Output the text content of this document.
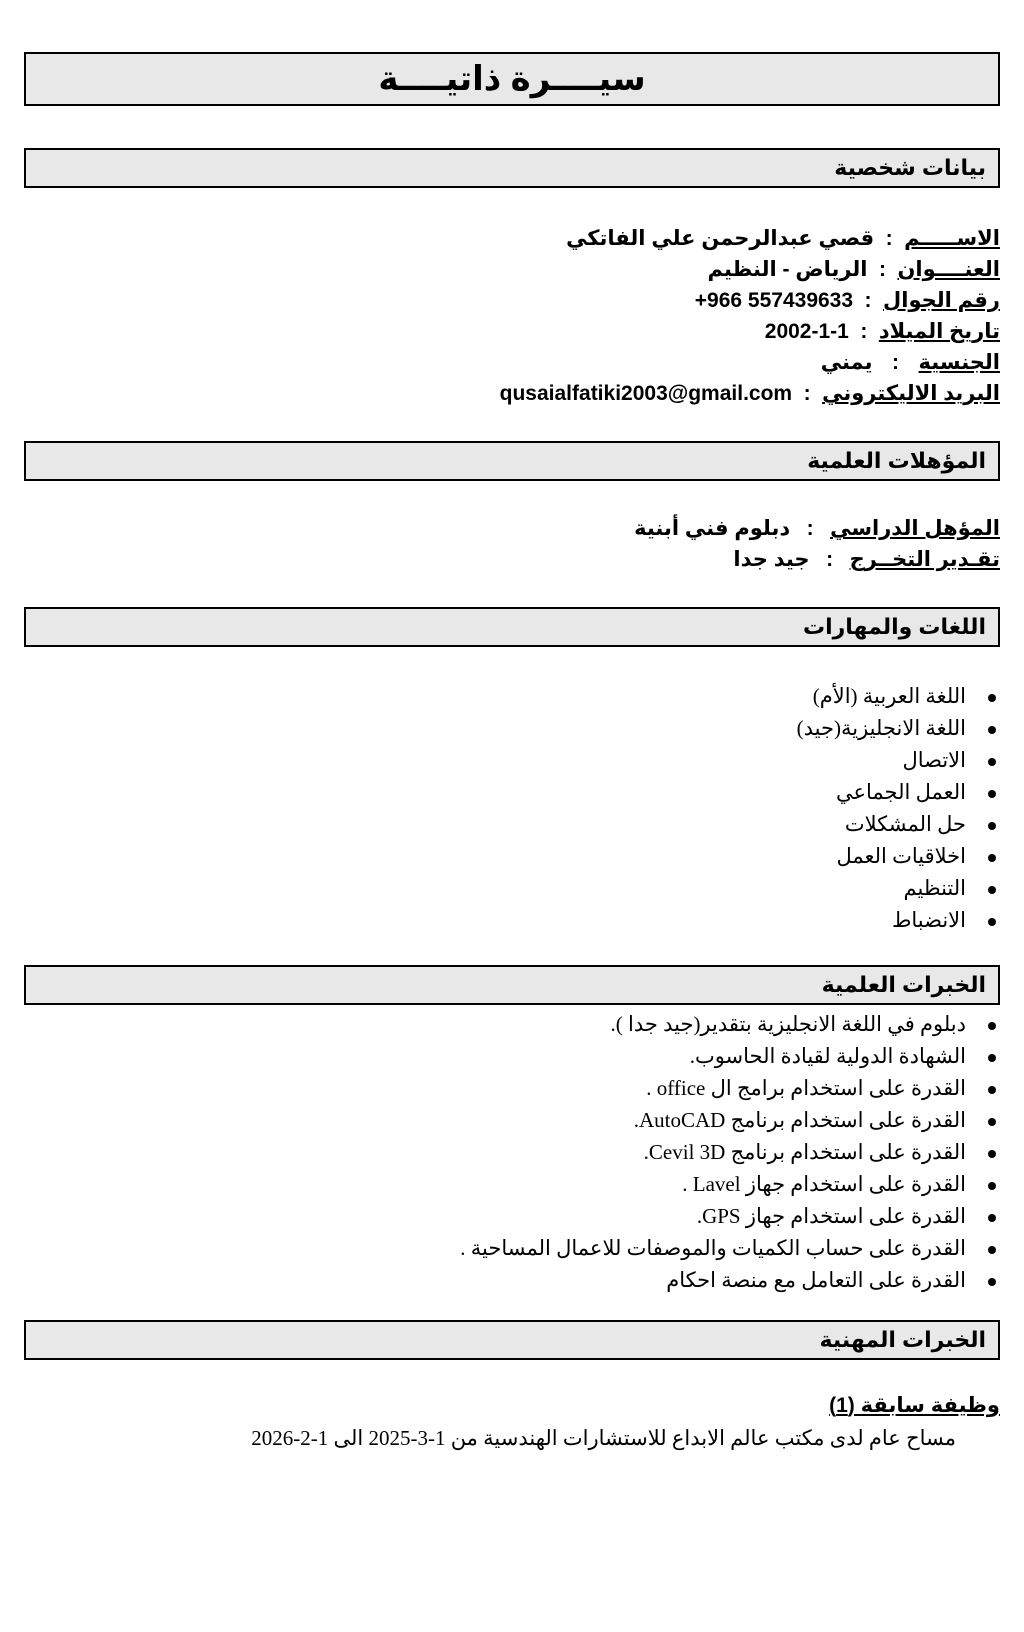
سيــــرة ذاتيــــة
بيانات شخصية
الاســـــم:قصي عبدالرحمن علي الفاتكي
العنــــوان:الرياض - النظيم
رقم الجوال:+966 557439633
تاريخ الميلاد:2002-1-1
الجنسية:يمني
البريد الاليكتروني:qusaialfatiki2003@gmail.com
المؤهلات العلمية
المؤهل الدراسي:دبلوم فني أبنية
تقـدير التخــرج:جيد جدا
اللغات والمهارات
اللغة العربية (الأم)
اللغة الانجليزية(جيد)
الاتصال
العمل الجماعي
حل المشكلات
اخلاقيات العمل
التنظيم
الانضباط
الخبرات العلمية
دبلوم في اللغة الانجليزية بتقدير(جيد جدا ).
الشهادة الدولية لقيادة الحاسوب.
القدرة على استخدام برامج ال office .
القدرة على استخدام برنامج AutoCAD.
القدرة على استخدام برنامج Cevil 3D.
القدرة على استخدام جهاز Lavel .
القدرة على استخدام جهاز GPS.
القدرة على حساب الكميات والموصفات للاعمال المساحية .
القدرة على التعامل مع منصة احكام
الخبرات المهنية
وظيفة سابقة (1)
مساح عام لدى مكتب عالم الابداع للاستشارات الهندسية من 1-3-2025 الى 1-2-2026
